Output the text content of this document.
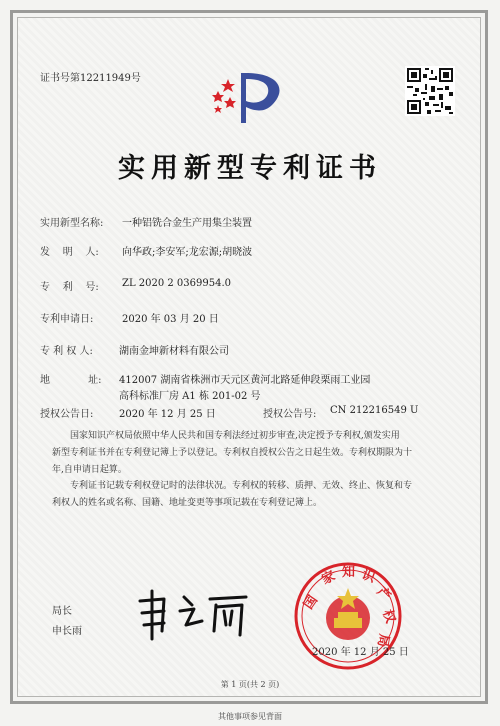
证书号第12211949号
实用新型专利证书
实用新型名称: 一种铝铣合金生产用集尘装置
发    明    人: 向华政;李安军;龙宏源;胡晓波
专    利    号: ZL 2020 2 0369954.0
专利申请日:	2020 年 03 月 20 日
专 利 权 人:	湖南金坤新材料有限公司
地            址: 412007 湖南省株洲市天元区黄河北路延伸段栗雨工业园
高科标准厂房 A1 栋 201-02 号
授权公告日:	2020 年 12 月 25 日	授权公告号: CN 212216549 U
国家知识产权局依照中华人民共和国专利法经过初步审查,决定授予专利权,颁发实用
新型专利证书并在专利登记簿上予以登记。专利权自授权公告之日起生效。专利权期限为十
年,自申请日起算。
专利证书记载专利权登记时的法律状况。专利权的转移、质押、无效、终止、恢复和专
利权人的姓名或名称、国籍、地址变更等事项记载在专利登记簿上。
局长
申长雨
国
家 知 识
产
权
局
2020 年 12 月 25 日
第 1 页(共 2 页)
其他事项参见背面
